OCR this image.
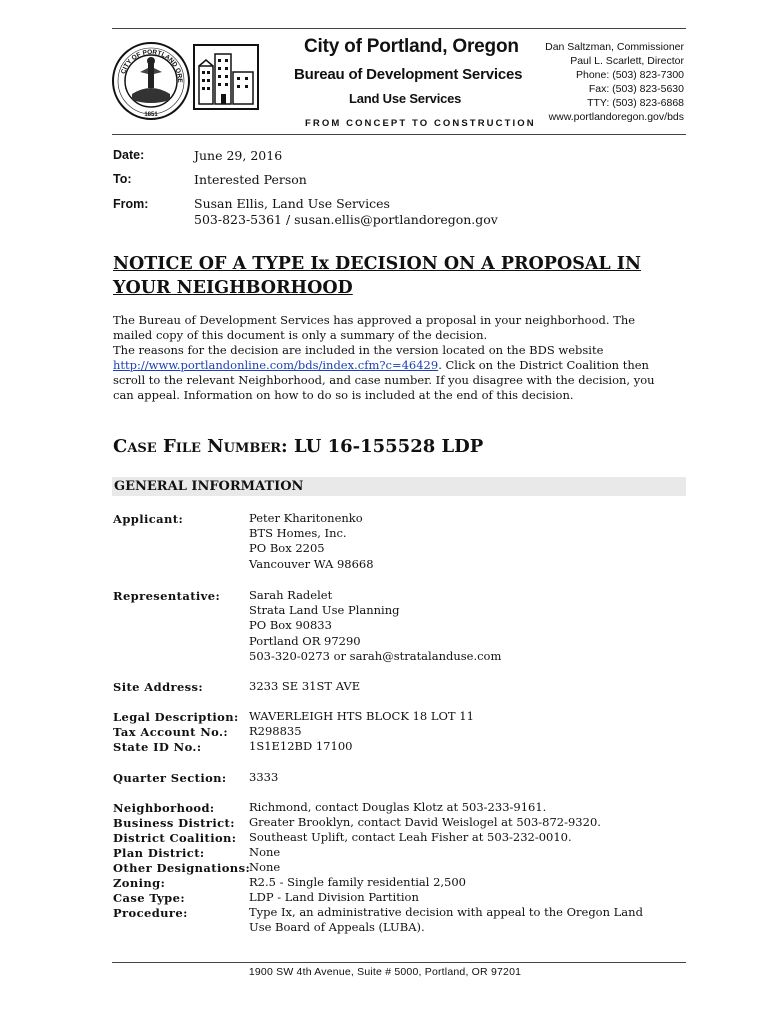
1851
CITY OF PORTLAND ORE
City of Portland, Oregon
Bureau of Development Services
Land Use Services
FROM CONCEPT TO CONSTRUCTION
Dan Saltzman, Commissioner
Paul L. Scarlett, Director
Phone: (503) 823-7300
Fax: (503) 823-5630
TTY: (503) 823-6868
www.portlandoregon.gov/bds
Date:	June 29, 2016
To:	Interested Person
From:	Susan Ellis, Land Use Services
503-823-5361 / susan.ellis@portlandoregon.gov
NOTICE OF A TYPE Ix DECISION ON A PROPOSAL IN YOUR NEIGHBORHOOD
The Bureau of Development Services has approved a proposal in your neighborhood. The mailed copy of this document is only a summary of the decision.
The reasons for the decision are included in the version located on the BDS website http://www.portlandonline.com/bds/index.cfm?c=46429. Click on the District Coalition then scroll to the relevant Neighborhood, and case number. If you disagree with the decision, you can appeal. Information on how to do so is included at the end of this decision.
Case File Number: LU 16-155528 LDP
GENERAL INFORMATION
Applicant:	Peter Kharitonenko
BTS Homes, Inc.
PO Box 2205
Vancouver WA 98668
Representative:	Sarah Radelet
Strata Land Use Planning
PO Box 90833
Portland OR 97290
503-320-0273 or sarah@stratalanduse.com
Site Address:	3233 SE 31ST AVE
Legal Description: WAVERLEIGH HTS BLOCK 18 LOT 11
Tax Account No.: R298835
State ID No.:	1S1E12BD 17100
Quarter Section: 3333
Neighborhood:	Richmond, contact Douglas Klotz at 503-233-9161.
Business District: Greater Brooklyn, contact David Weislogel at 503-872-9320.
District Coalition: Southeast Uplift, contact Leah Fisher at 503-232-0010.
Plan District:	None
Other Designations:
None
Zoning:	R2.5 - Single family residential 2,500
Case Type:	LDP - Land Division Partition
Procedure:	Type Ix, an administrative decision with appeal to the Oregon Land
Use Board of Appeals (LUBA).
1900 SW 4th Avenue, Suite # 5000, Portland, OR 97201
